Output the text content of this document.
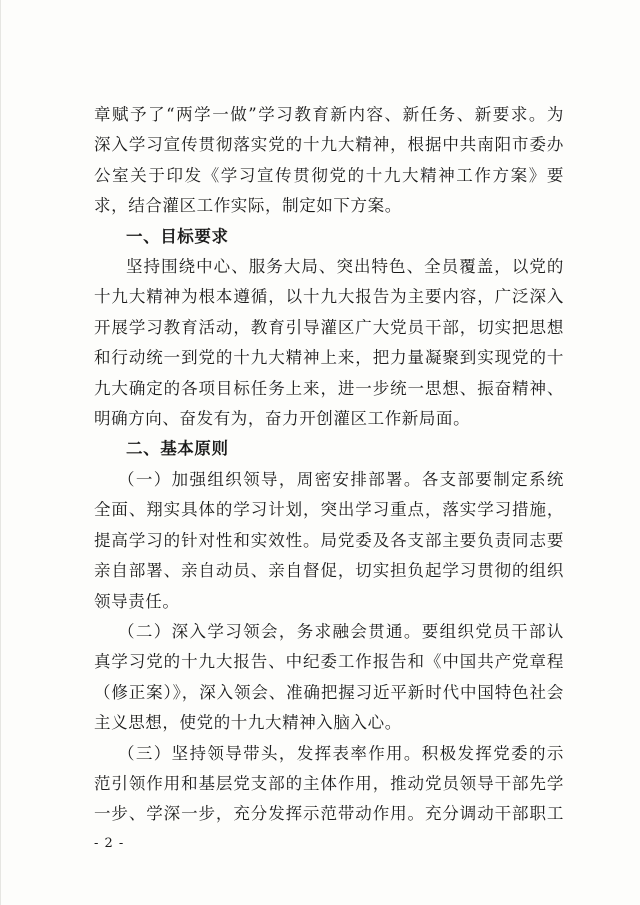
章赋予了“两学一做”学习教育新内容、新任务、新要求。为
深入学习宣传贯彻落实党的十九大精神，根据中共南阳市委办
公室关于印发《学习宣传贯彻党的十九大精神工作方案》要
求，结合灌区工作实际，制定如下方案。

一、目标要求

坚持围绕中心、服务大局、突出特色、全员覆盖，以党的
十九大精神为根本遵循，以十九大报告为主要内容，广泛深入
开展学习教育活动，教育引导灌区广大党员干部，切实把思想
和行动统一到党的十九大精神上来，把力量凝聚到实现党的十
九大确定的各项目标任务上来，进一步统一思想、振奋精神、
明确方向、奋发有为，奋力开创灌区工作新局面。

二、基本原则

（一）加强组织领导，周密安排部署。各支部要制定系统
全面、翔实具体的学习计划，突出学习重点，落实学习措施，
提高学习的针对性和实效性。局党委及各支部主要负责同志要
亲自部署、亲自动员、亲自督促，切实担负起学习贯彻的组织
领导责任。

（二）深入学习领会，务求融会贯通。要组织党员干部认
真学习党的十九大报告、中纪委工作报告和《中国共产党章程
（修正案）》，深入领会、准确把握习近平新时代中国特色社会
主义思想，使党的十九大精神入脑入心。

（三）坚持领导带头，发挥表率作用。积极发挥党委的示
范引领作用和基层党支部的主体作用，推动党员领导干部先学
一步、学深一步，充分发挥示范带动作用。充分调动干部职工

- 2 -
